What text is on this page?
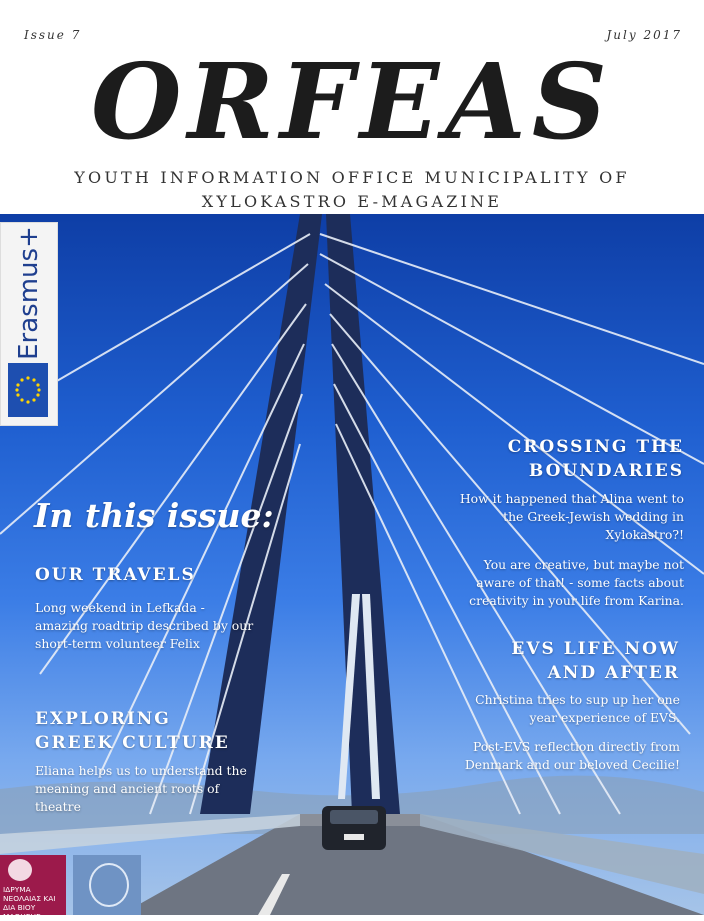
Issue 7	July 2017
ORFEAS
YOUTH INFORMATION OFFICE MUNICIPALITY OF
XYLOKASTRO E-MAGAZINE
Erasmus+
In this issue:
OUR TRAVELS
Long weekend in Lefkada - amazing roadtrip described by our short-term volunteer Felix
EXPLORING GREEK CULTURE
Eliana helps us to understand the meaning and ancient roots of theatre
CROSSING THE BOUNDARIES
How it happened that Alina went to the Greek-Jewish wedding in Xylokastro?!
You are creative, but maybe not aware of that! - some facts about creativity in your life from Karina.
EVS LIFE NOW AND AFTER
Christina tries to sup up her one year experience of EVS.
Post-EVS reflection directly from Denmark and our beloved Cecilie!
ΙΔΡΥΜΑ ΝΕΟΛΑΙΑΣ ΚΑΙ ΔΙΑ ΒΙΟΥ ΜΑΘΗΣΗΣ
